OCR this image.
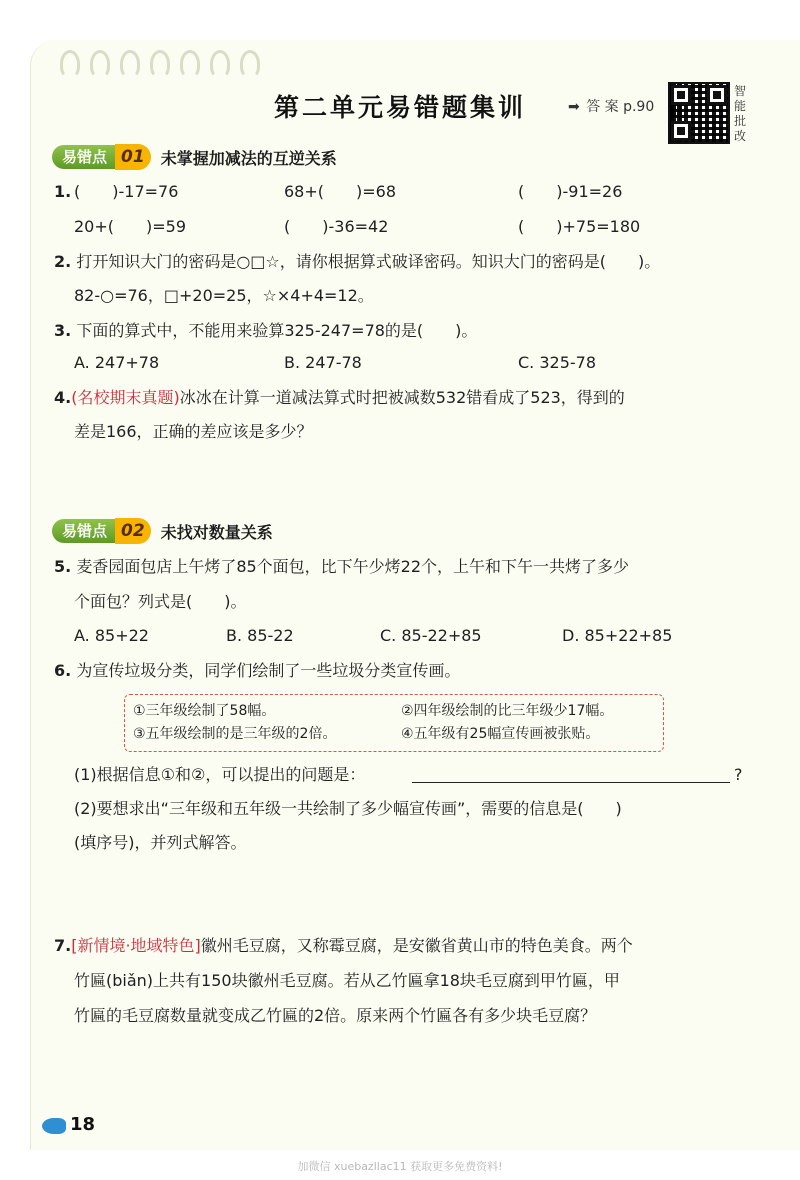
第二单元易错题集训	➡ 答 案 p.90
智
能
批
改
易错点 01	未掌握加减法的互逆关系
1. (　　)-17=76	68+(　　)=68	(　　)-91=26
20+(　　)=59	(　　)-36=42	(　　)+75=180
2. 打开知识大门的密码是○□☆，请你根据算式破译密码。知识大门的密码是(　　)。
82-○=76，□+20=25，☆×4+4=12。
3. 下面的算式中，不能用来验算325-247=78的是(　　)。
A. 247+78	B. 247-78	C. 325-78
4.(名校期末真题)冰冰在计算一道减法算式时把被减数532错看成了523，得到的
差是166，正确的差应该是多少？
易错点 02	未找对数量关系
5. 麦香园面包店上午烤了85个面包，比下午少烤22个，上午和下午一共烤了多少
个面包？列式是(　　)。
A. 85+22	B. 85-22	C. 85-22+85	D. 85+22+85
6. 为宣传垃圾分类，同学们绘制了一些垃圾分类宣传画。
①三年级绘制了58幅。	②四年级绘制的比三年级少17幅。
③五年级绘制的是三年级的2倍。	④五年级有25幅宣传画被张贴。
(1)根据信息①和②，可以提出的问题是：	?
(2)要想求出“三年级和五年级一共绘制了多少幅宣传画”，需要的信息是(　　)
(填序号)，并列式解答。
7.[新情境·地域特色]徽州毛豆腐，又称霉豆腐，是安徽省黄山市的特色美食。两个
竹匾(biǎn)上共有150块徽州毛豆腐。若从乙竹匾拿18块毛豆腐到甲竹匾，甲
竹匾的毛豆腐数量就变成乙竹匾的2倍。原来两个竹匾各有多少块毛豆腐？
18
加微信 xuebazllac11 获取更多免费资料!
